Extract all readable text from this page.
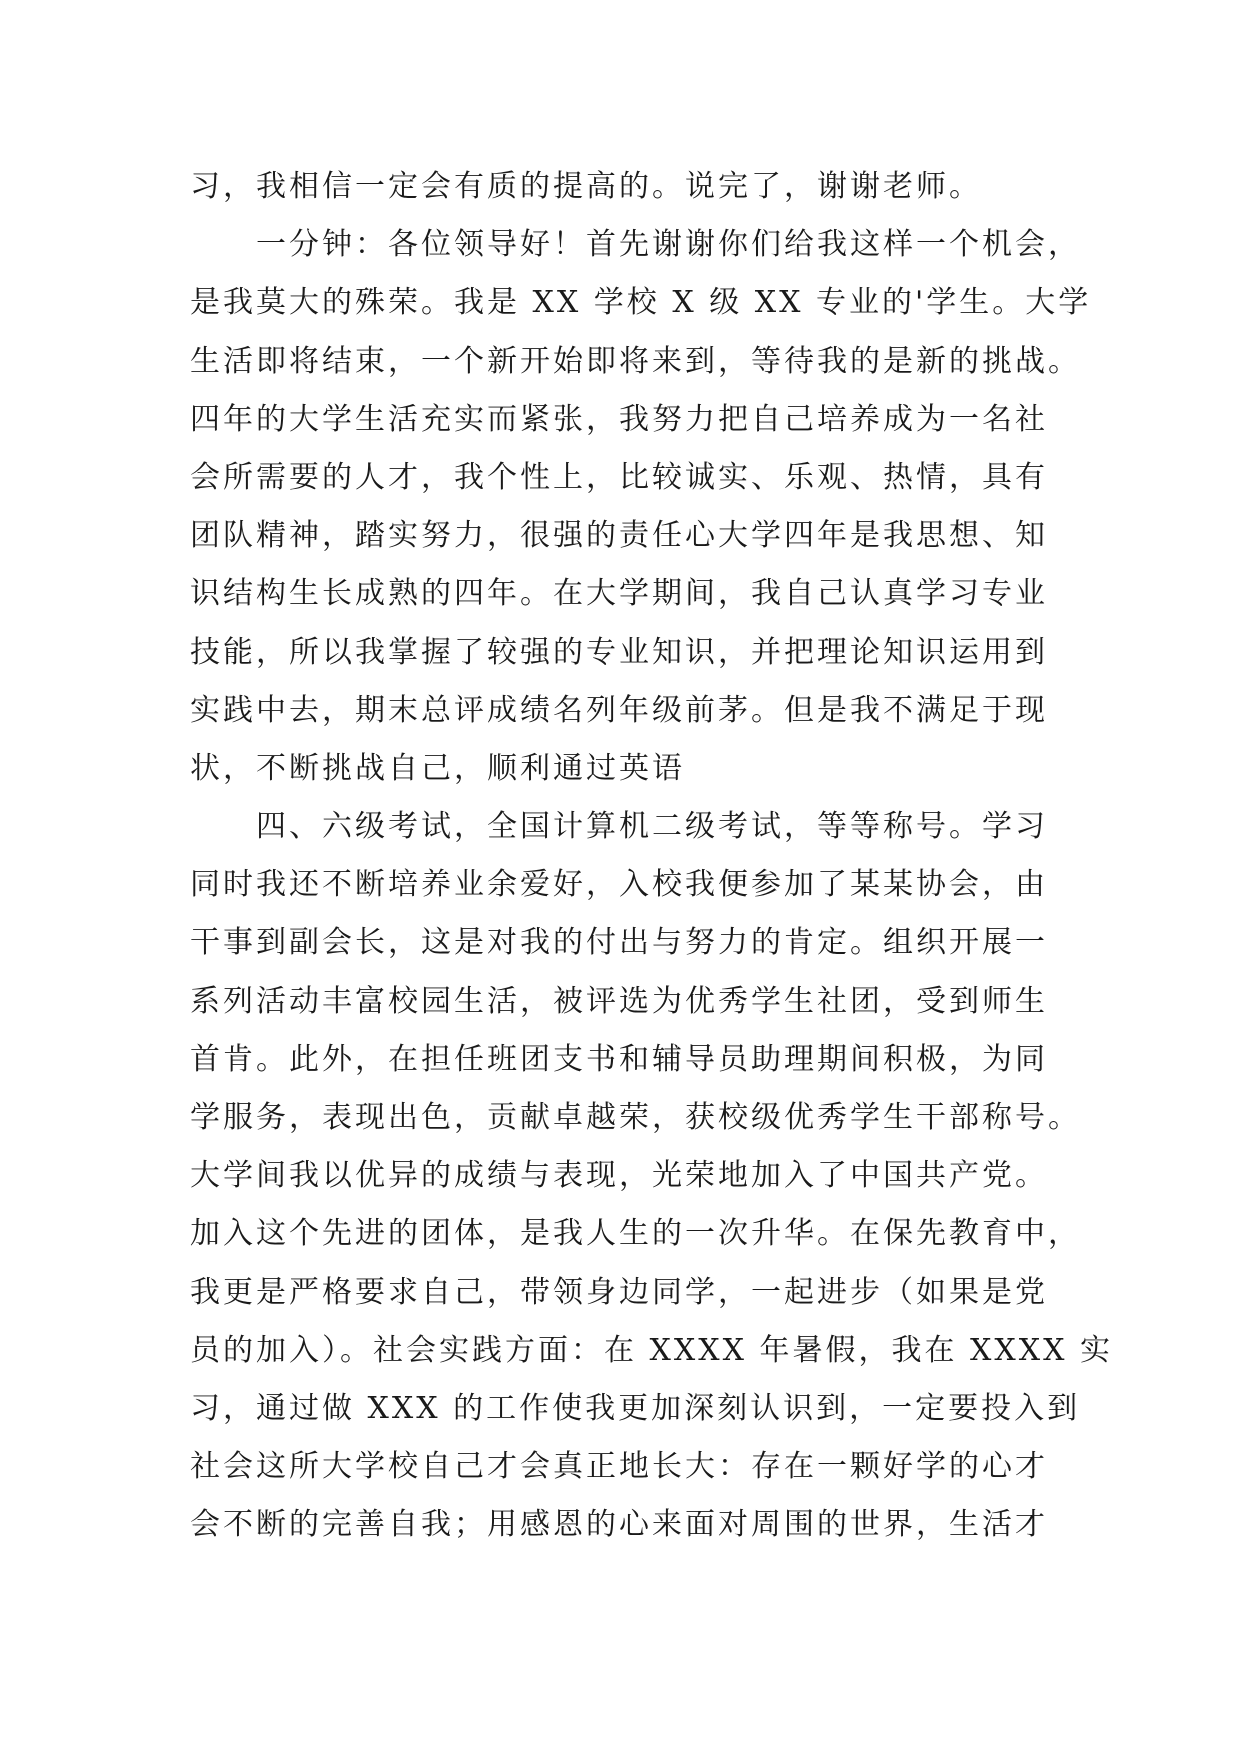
习，我相信一定会有质的提高的。说完了，谢谢老师。
一分钟：各位领导好！首先谢谢你们给我这样一个机会，
是我莫大的殊荣。我是 XX 学校 X 级 XX 专业的'学生。大学
生活即将结束，一个新开始即将来到，等待我的是新的挑战。
四年的大学生活充实而紧张，我努力把自己培养成为一名社
会所需要的人才，我个性上，比较诚实、乐观、热情，具有
团队精神，踏实努力，很强的责任心大学四年是我思想、知
识结构生长成熟的四年。在大学期间，我自己认真学习专业
技能，所以我掌握了较强的专业知识，并把理论知识运用到
实践中去，期末总评成绩名列年级前茅。但是我不满足于现
状，不断挑战自己，顺利通过英语
四、六级考试，全国计算机二级考试，等等称号。学习
同时我还不断培养业余爱好，入校我便参加了某某协会，由
干事到副会长，这是对我的付出与努力的肯定。组织开展一
系列活动丰富校园生活，被评选为优秀学生社团，受到师生
首肯。此外，在担任班团支书和辅导员助理期间积极，为同
学服务，表现出色，贡献卓越荣，获校级优秀学生干部称号。
大学间我以优异的成绩与表现，光荣地加入了中国共产党。
加入这个先进的团体，是我人生的一次升华。在保先教育中，
我更是严格要求自己，带领身边同学，一起进步（如果是党
员的加入）。社会实践方面：在 XXXX 年暑假，我在 XXXX 实
习，通过做 XXX 的工作使我更加深刻认识到，一定要投入到
社会这所大学校自己才会真正地长大：存在一颗好学的心才
会不断的完善自我；用感恩的心来面对周围的世界，生活才
